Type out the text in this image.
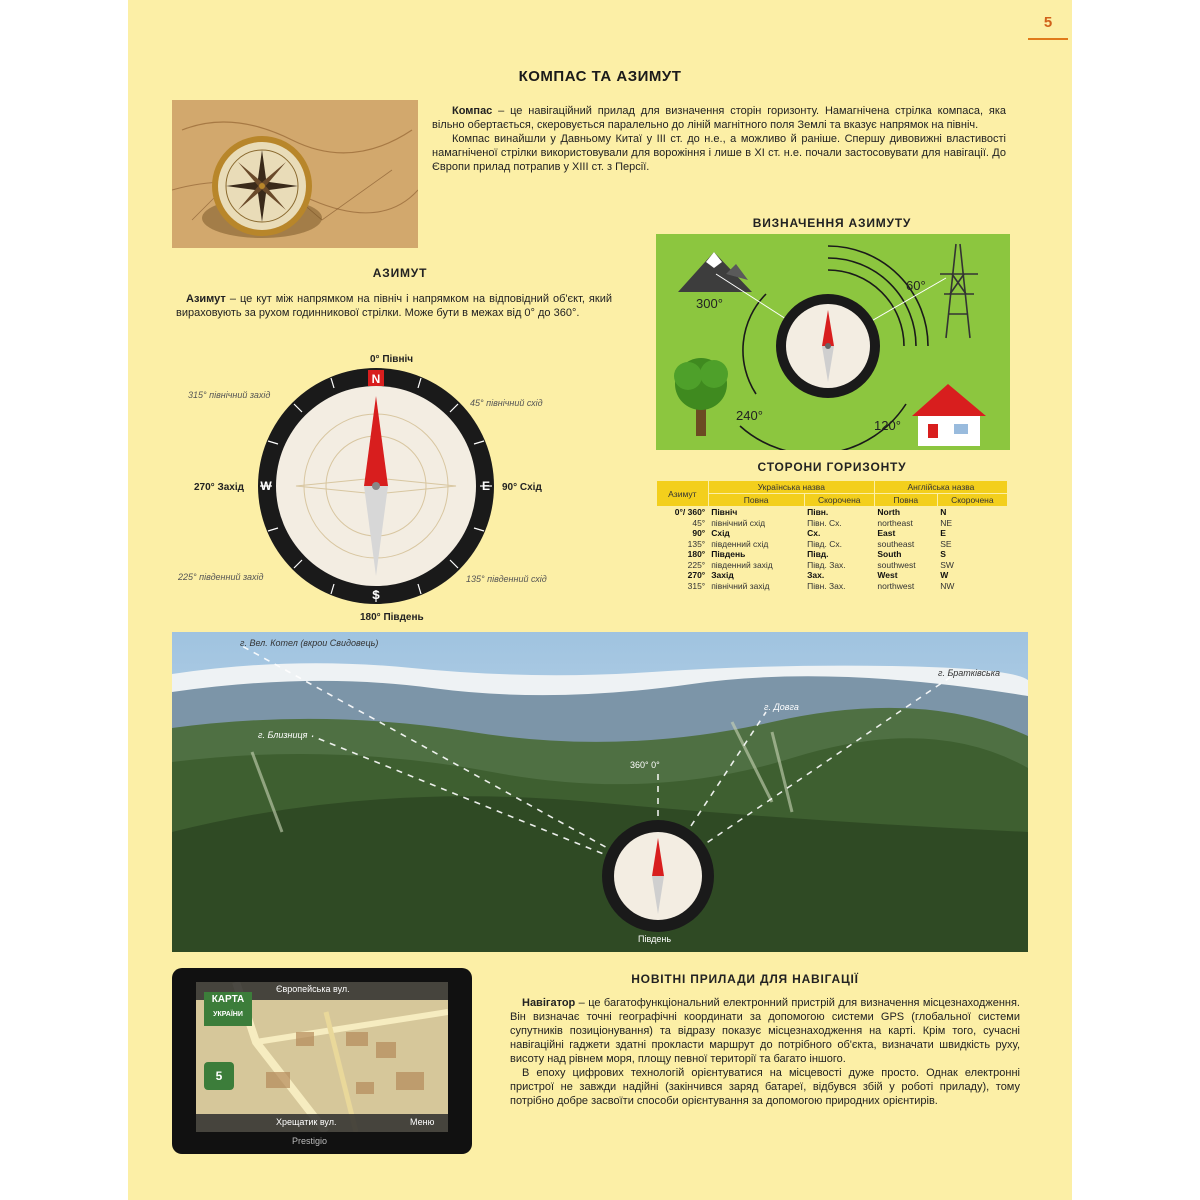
5
КОМПАС ТА АЗИМУТ
Компас – це навігаційний прилад для визначення сторін горизонту. Намагнічена стрілка компаса, яка вільно обертається, скеровується паралельно до ліній магнітного поля Землі та вказує напрямок на північ.
Компас винайшли у Давньому Китаї у III ст. до н.е., а можливо й раніше. Спершу дивовижні властивості намагніченої стрілки використовували для ворожіння і лише в XI ст. н.е. почали застосовувати для навігації. До Європи прилад потрапив у XIII ст. з Персії.
АЗИМУТ
Азимут – це кут між напрямком на північ і напрямком на відповідний об'єкт, який вираховують за рухом годинникової стрілки. Може бути в межах від 0° до 360°.
N
S
W	E
0° Північ
45° північний схід
90° Схід
135° південний схід
180° Південь
225° південний захід
270° Захід
315° північний захід
ВИЗНАЧЕННЯ АЗИМУТУ
300°
60°
240°
120°
СТОРОНИ ГОРИЗОНТУ
Азимут	Українська назва		Англійська назва	
	Повна	Скорочена	Повна	Скорочена
0°/ 360°	Північ	Півн.	North	N
45°	північний схід	Півн. Сх.	northeast	NE
90°	Схід	Сх.	East	E
135°	південний схід	Півд. Сх.	southeast	SE
180°	Південь	Півд.	South	S
225°	південний захід	Півд. Зах.	southwest	SW
270°	Захід	Зах.	West	W
315°	північний захід	Півн. Зах.	northwest	NW
г. Вел. Котел (вкрои Свидовець)
г. Братківська
г. Довга
г. Близниця
360° 0°
Південь
КАРТА
УКРАЇНИ
Європейська вул.
5
Хрещатик вул.	Меню
Prestigio
НОВІТНІ ПРИЛАДИ ДЛЯ НАВІГАЦІЇ
Навігатор – це багатофункціональний електронний пристрій для визначення місцезнаходження. Він визначає точні географічні координати за допомогою системи GPS (глобальної системи супутників позиціонування) та відразу показує місцезнаходження на карті. Крім того, сучасні навігаційні гаджети здатні прокласти маршрут до потрібного об'єкта, визначати швидкість руху, висоту над рівнем моря, площу певної території та багато іншого.
В епоху цифрових технологій орієнтуватися на місцевості дуже просто. Однак електронні пристрої не завжди надійні (закінчився заряд батареї, відбувся збій у роботі приладу), тому потрібно добре засвоїти способи орієнтування за допомогою природних орієнтирів.
